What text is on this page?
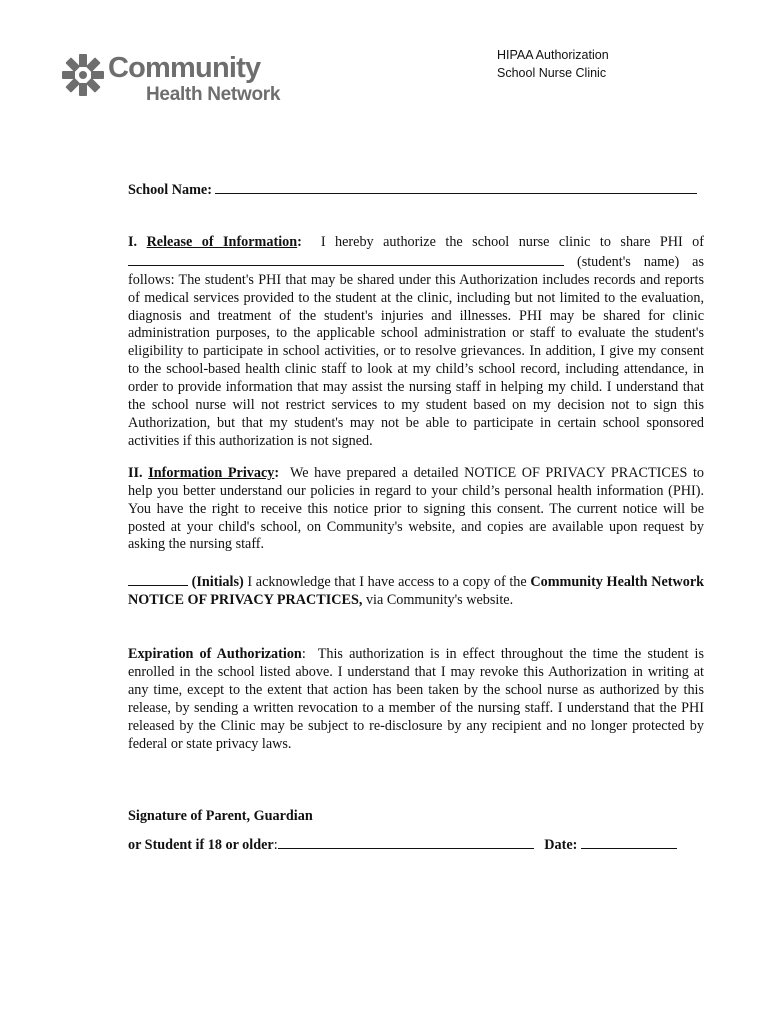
Community
Health Network
HIPAA Authorization
School Nurse Clinic

School Name:

I. Release of Information: I hereby authorize the school nurse clinic to share PHI of  (student's name) as follows: The student's PHI that may be shared under this Authorization includes records and reports of medical services provided to the student at the clinic, including but not limited to the evaluation, diagnosis and treatment of the student's injuries and illnesses. PHI may be shared for clinic administration purposes, to the applicable school administration or staff to evaluate the student's eligibility to participate in school activities, or to resolve grievances. In addition, I give my consent to the school-based health clinic staff to look at my child’s school record, including attendance, in order to provide information that may assist the nursing staff in helping my child. I understand that the school nurse will not restrict services to my student based on my decision not to sign this Authorization, but that my student's may not be able to participate in certain school sponsored activities if this authorization is not signed.

II. Information Privacy: We have prepared a detailed NOTICE OF PRIVACY PRACTICES to help you better understand our policies in regard to your child’s personal health information (PHI). You have the right to receive this notice prior to signing this consent. The current notice will be posted at your child's school, on Community's website, and copies are available upon request by asking the nursing staff.

(Initials) I acknowledge that I have access to a copy of the Community Health Network NOTICE OF PRIVACY PRACTICES, via Community's website.

Expiration of Authorization: This authorization is in effect throughout the time the student is enrolled in the school listed above. I understand that I may revoke this Authorization in writing at any time, except to the extent that action has been taken by the school nurse as authorized by this release, by sending a written revocation to a member of the nursing staff. I understand that the PHI released by the Clinic may be subject to re-disclosure by any recipient and no longer protected by federal or state privacy laws.

Signature of Parent, Guardian

or Student if 18 or older:	Date:
